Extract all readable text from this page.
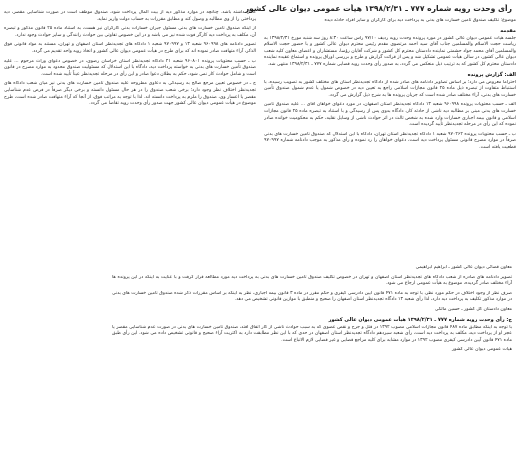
رأی وحدت رویه شماره ۷۷۷ ـ ۱۳۹۸/۲/۳۱ هیأت عمومی دیوان عالی کشور
موضوع: تکلیف صندوق تأمین خسارت های بدنی به پرداخت دیه برای کارگران و سایر افراد حادثه دیده
مقدمه
جلسه هیأت عمومی دیوان عالی کشور در مورد پرونده وحدت رویه ردیف ۹۷/۱۰ رأس ساعت ۸:۳۰ روز سه شنبه مورخ ۱۳۹۸/۲/۳۱ به ریاست حجت الاسلام والمسلمین جناب آقای سید احمد مرتضوی مقدم رئیس محترم دیوان عالی کشور و با حضور حجت الاسلام والمسلمین آقای محمد جواد حشمتی نماینده دادستان محترم کل کشور و شرکت آقایان رؤسا، مستشاران و اعضای معاون کلیه شعب دیوان عالی کشور، در سالن هیأت عمومی تشکیل شد و پس از قرائت گزارش و طرح و بررسی اوراق پرونده و استماع عقیده نماینده دادستان محترم کل کشور که به ترتیب ذیل منعکس می گردد، به صدور رأی وحدت رویه قضایی شماره ۷۷۷ ـ ۱۳۹۸/۲/۳۱ منتهی شد.
الف: گزارش پرونده
احتراماً معروض می دارد؛ بر اساس تصاویر دادنامه های صادر شده از دادگاه تجدیدنظر استان های مختلف کشور به تصویب رسیده، با استنباط متفاوت از تبصره ذیل ماده ۲۵ قانون مجازات اسلامی راجع به تعیین دیه در خصوص شمول یا عدم شمول صندوق تأمین خسارت های بدنی، آراء مختلف صادر شده است که جریان پرونده ها به شرح ذیل گزارش می گردد.
الف ـ حسب محتویات پرونده ۹۶۰۹۹۸ شعبه ۱۳ دادگاه تجدیدنظر استان اصفهان، در مورد دعوای خواهان آقای ... علیه صندوق تأمین خسارت های بدنی مبنی بر مطالبه دیه ناشی از حادثه کار، دادگاه بدوی پس از رسیدگی و با استناد به تبصره ماده ۲۵ قانون مجازات اسلامی و قانون بیمه اجباری خسارات وارد شده به شخص ثالث در اثر حوادث ناشی از وسایل نقلیه، حکم به محکومیت خوانده صادر نموده که این رأی در مرحله تجدیدنظر تأیید گردیده است.
ب ـ حسب محتویات پرونده ۹۷۰۲۶۲ شعبه ۱ دادگاه تجدیدنظر استان تهران، دادگاه با این استدلال که صندوق تأمین خسارت های بدنی صرفاً در موارد مصرح قانونی مسئول پرداخت دیه است، دعوای خواهان را رد نموده و رأی مذکور به موجب دادنامه شماره ۹۷۰۹۹۷ قطعیت یافته است.
کامل داشته باشد. چنانچه در موارد مذکور دیه از بیت المال پرداخت شود، صندوق موظف است در صورت شناسایی مقصر، دیه پرداختی را از وی مطالبه و وصول کند و مطابق مقررات به حساب دولت واریز نماید.
از اینکه صندوق تأمین خسارت های بدنی مسئول جبران خسارات بدنی کارگران نیز هست، به استناد ماده ۲۵ قانون مذکور و تبصره آن، مکلف به پرداخت دیه کارگر فوت شده نیز می باشد و در این خصوص تفاوتی بین حوادث رانندگی و سایر حوادث وجود ندارد.
تصویر دادنامه های ۹۶۰۹۹۸ شعبه ۱۳ و ۹۷۰۹۹۷ شعبه ۱ دادگاه های تجدیدنظر استان اصفهان و تهران، مستند به مواد قانونی فوق الذکر، آراء متهافت صادر نموده اند که برای طرح در هیأت عمومی دیوان عالی کشور و اتخاذ رویه واحد تقدیم می گردد.
ب ـ حسب محتویات پرونده ۹۶۰۸۰۱ شعبه ۲۱ دادگاه تجدیدنظر استان خراسان رضوی، در خصوص دعوای وراث مرحوم ... علیه صندوق تأمین خسارت های بدنی به خواسته پرداخت دیه، دادگاه با این استدلال که مسئولیت صندوق محدود به موارد مصرح در قانون است و شامل حوادث کار نمی شود، حکم به بطلان دعوا صادر و این رأی در مرحله تجدیدنظر عیناً تأیید شده است.
ج ـ در خصوص تعیین مرجع صالح به رسیدگی به دعاوی مطروحه علیه صندوق تأمین خسارت های بدنی نیز میان شعب دادگاه های تجدیدنظر اختلاف نظر وجود دارد؛ برخی شعب صندوق را در هر حال مسئول دانسته و برخی دیگر صرفاً در فرض عدم شناسایی مقصر یا اعسار وی، صندوق را ملزم به پرداخت دانسته اند. لذا با توجه به مراتب فوق، از آنجا که آراء متهافت صادر شده است، طرح موضوع در هیأت عمومی دیوان عالی کشور جهت صدور رأی وحدت رویه تقاضا می گردد.
معاون قضائی دیوان عالی کشور ـ ابراهیم ابراهیمی
تصویر دادنامه های صادره از شعب دادگاه های تجدیدنظر استان اصفهان و تهران در خصوص تکلیف صندوق تأمین خسارت های بدنی به پرداخت دیه مورد مطالعه قرار گرفت و با عنایت به اینکه در این پرونده ها آراء مختلف صادر گردیده، موضوع به هیأت عمومی ارجاع می شود.
صرف نظر از وجود اختلاف در حکم مورد نظر، با توجه به ماده ۴۷۱ قانون آیین دادرسی کیفری و حکم مقرر در ماده ۳ قانون بیمه اجباری، نظر به اینکه بر اساس مقررات ذکر شده صندوق تأمین خسارت های بدنی در موارد مذکور تکلیف به پرداخت دیه دارد، لذا رأی شعبه ۱۳ دادگاه تجدیدنظر استان اصفهان را صحیح و منطبق با موازین قانونی تشخیص می دهد.
معاون دادستان کل کشور ـ حسین مالکی
ج: رأی وحدت رویه شماره ۷۷۷ ـ ۱۳۹۸/۲/۳۱ هیأت عمومی دیوان عالی کشور
با توجه به اینکه مطابق ماده ۴۸۷ قانون مجازات اسلامی مصوب ۱۳۹۲ در قتل و جرح و نقص عضوی که به سبب حوادث ناشی از کار اتفاق افتد، صندوق تأمین خسارت های بدنی در صورت عدم شناسایی مقصر یا عجز او از پرداخت دیه، مکلف به پرداخت دیه است، رأی شعبه سیزدهم دادگاه تجدیدنظر استان اصفهان در حدی که با این نظر مطابقت دارد به اکثریت آراء صحیح و قانونی تشخیص داده می شود. این رأی طبق ماده ۴۷۱ قانون آیین دادرسی کیفری مصوب ۱۳۹۲ در موارد مشابه برای کلیه مراجع قضایی و غیر قضایی لازم الاتباع است.
هیأت عمومی دیوان عالی کشور
